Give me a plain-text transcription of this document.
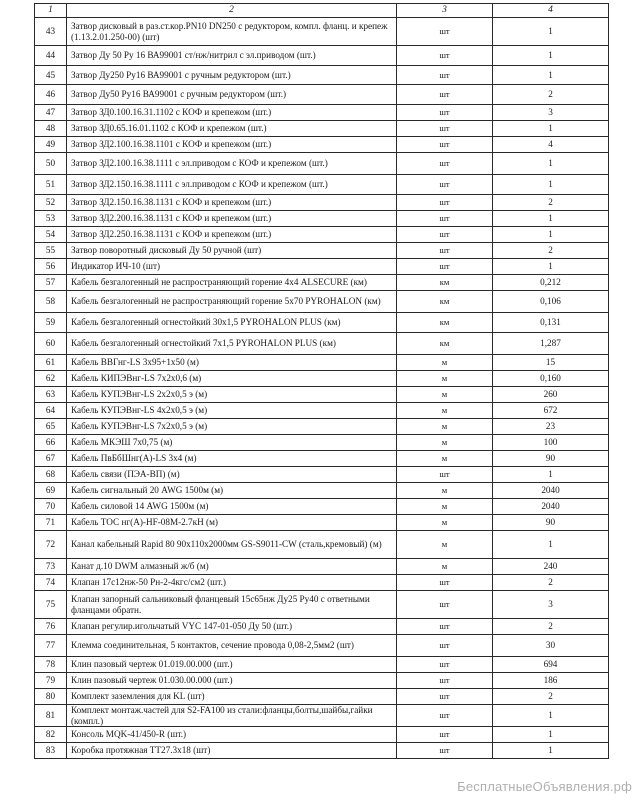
1	2	3	4
43	Затвор дисковый в раз.ст.кор.PN10 DN250 с редуктором, компл. фланц. и крепеж (1.13.2.01.250-00) (шт)	шт	1
44	Затвор Ду 50 Ру 16 ВА99001 ст/нж/нитрил с эл.приводом (шт.)	шт	1
45	Затвор Ду250 Ру16 ВА99001 с ручным редуктором (шт.)	шт	1
46	Затвор Ду50 Ру16 ВА99001 с ручным редуктором (шт.)	шт	2
47	Затвор ЗД0.100.16.31.1102 с КОФ и крепежом (шт.)	шт	3
48	Затвор ЗД0.65.16.01.1102 с КОФ и крепежом (шт.)	шт	1
49	Затвор ЗД2.100.16.38.1101 с КОФ и крепежом (шт.)	шт	4
50	Затвор ЗД2.100.16.38.1111 с эл.приводом с КОФ и крепежом (шт.)	шт	1
51	Затвор ЗД2.150.16.38.1111 с эл.приводом с КОФ и крепежом (шт.)	шт	1
52	Затвор ЗД2.150.16.38.1131 с КОФ и крепежом (шт.)	шт	2
53	Затвор ЗД2.200.16.38.1131 с КОФ и крепежом (шт.)	шт	1
54	Затвор ЗД2.250.16.38.1131 с КОФ и крепежом (шт.)	шт	1
55	Затвор поворотный дисковый Ду 50 ручной (шт)	шт	2
56	Индикатор ИЧ-10 (шт)	шт	1
57	Кабель безгалогенный не распространяющий горение 4х4 ALSECURE (км)	км	0,212
58	Кабель безгалогенный не распространяющий горение 5х70 PYROHALON (км)	км	0,106
59	Кабель безгалогенный огнестойкий 30х1,5 PYROHALON PLUS (км)	км	0,131
60	Кабель безгалогенный огнестойкий 7х1,5 PYROHALON PLUS (км)	км	1,287
61	Кабель ВВГнг-LS 3х95+1х50 (м)	м	15
62	Кабель КИПЭВнг-LS 7х2х0,6 (м)	м	0,160
63	Кабель КУПЭВнг-LS 2х2х0,5 э (м)	м	260
64	Кабель КУПЭВнг-LS 4х2х0,5 э (м)	м	672
65	Кабель КУПЭВнг-LS 7х2х0,5 э (м)	м	23
66	Кабель МКЭШ 7х0,75 (м)	м	100
67	Кабель ПвБбШнг(А)-LS 3х4 (м)	м	90
68	Кабель связи (ПЭА-ВП) (м)	шт	1
69	Кабель сигнальный 20 AWG 1500м (м)	м	2040
70	Кабель силовой 14 AWG 1500м (м)	м	2040
71	Кабель ТОС нг(А)-HF-08М-2.7кН (м)	м	90
72	Канал кабельный Rapid 80 90х110х2000мм GS-S9011-CW (сталь,кремовый) (м)	м	1
73	Канат д.10 DWM алмазный ж/б (м)	м	240
74	Клапан 17с12нж-50 Рн-2-4кгс/см2 (шт.)	шт	2
75	Клапан запорный сальниковый фланцевый 15с65нж Ду25 Ру40 с ответными фланцами обратн.	шт	3
76	Клапан регулир.игольчатый VYC 147-01-050 Ду 50 (шт.)	шт	2
77	Клемма соединительная, 5 контактов, сечение провода 0,08-2,5мм2 (шт)	шт	30
78	Клин пазовый чертеж 01.019.00.000 (шт.)	шт	694
79	Клин пазовый чертеж 01.030.00.000 (шт.)	шт	186
80	Комплект заземления для KL (шт)	шт	2
81	Комплект монтаж.частей для S2-FA100 из стали:фланцы,болты,шайбы,гайки (компл.)	шт	1
82	Консоль MQK-41/450-R (шт.)	шт	1
83	Коробка протяжная ТТ27.3х18 (шт)	шт	1
БесплатныеОбъявления.рф
